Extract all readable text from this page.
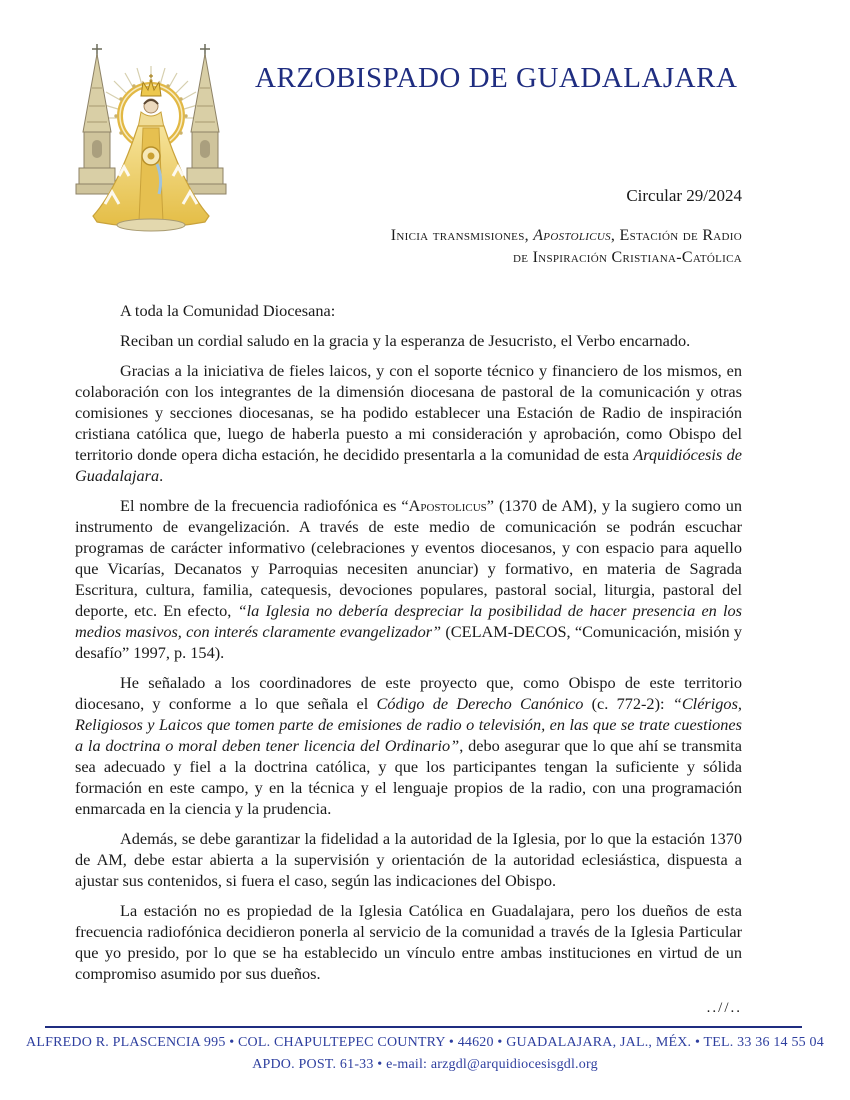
ARZOBISPADO DE GUADALAJARA
Circular 29/2024
Inicia transmisiones, Apostolicus, Estación de Radio
de Inspiración Cristiana-Católica

A toda la Comunidad Diocesana:

Reciban un cordial saludo en la gracia y la esperanza de Jesucristo, el Verbo encarnado.

Gracias a la iniciativa de fieles laicos, y con el soporte técnico y financiero de los mismos, en colaboración con los integrantes de la dimensión diocesana de pastoral de la comunicación y otras comisiones y secciones diocesanas, se ha podido establecer una Estación de Radio de inspiración cristiana católica que, luego de haberla puesto a mi consideración y aprobación, como Obispo del territorio donde opera dicha estación, he decidido presentarla a la comunidad de esta Arquidiócesis de Guadalajara.

El nombre de la frecuencia radiofónica es “Apostolicus” (1370 de AM), y la sugiero como un instrumento de evangelización. A través de este medio de comunicación se podrán escuchar programas de carácter informativo (celebraciones y eventos diocesanos, y con espacio para aquello que Vicarías, Decanatos y Parroquias necesiten anunciar) y formativo, en materia de Sagrada Escritura, cultura, familia, catequesis, devociones populares, pastoral social, liturgia, pastoral del deporte, etc. En efecto, “la Iglesia no debería despreciar la posibilidad de hacer presencia en los medios masivos, con interés claramente evangelizador” (CELAM-DECOS, “Comunicación, misión y desafío” 1997, p. 154).

He señalado a los coordinadores de este proyecto que, como Obispo de este territorio diocesano, y conforme a lo que señala el Código de Derecho Canónico (c. 772-2): “Clérigos, Religiosos y Laicos que tomen parte de emisiones de radio o televisión, en las que se trate cuestiones a la doctrina o moral deben tener licencia del Ordinario”, debo asegurar que lo que ahí se transmita sea adecuado y fiel a la doctrina católica, y que los participantes tengan la suficiente y sólida formación en este campo, y en la técnica y el lenguaje propios de la radio, con una programación enmarcada en la ciencia y la prudencia.

Además, se debe garantizar la fidelidad a la autoridad de la Iglesia, por lo que la estación 1370 de AM, debe estar abierta a la supervisión y orientación de la autoridad eclesiástica, dispuesta a ajustar sus contenidos, si fuera el caso, según las indicaciones del Obispo.

La estación no es propiedad de la Iglesia Católica en Guadalajara, pero los dueños de esta frecuencia radiofónica decidieron ponerla al servicio de la comunidad a través de la Iglesia Particular que yo presido, por lo que se ha establecido un vínculo entre ambas instituciones en virtud de un compromiso asumido por sus dueños.

..//..
ALFREDO R. PLASCENCIA 995 • COL. CHAPULTEPEC COUNTRY • 44620 • GUADALAJARA, JAL., MÉX. • TEL. 33 36 14 55 04
APDO. POST. 61-33 • e-mail: arzgdl@arquidiocesisgdl.org
